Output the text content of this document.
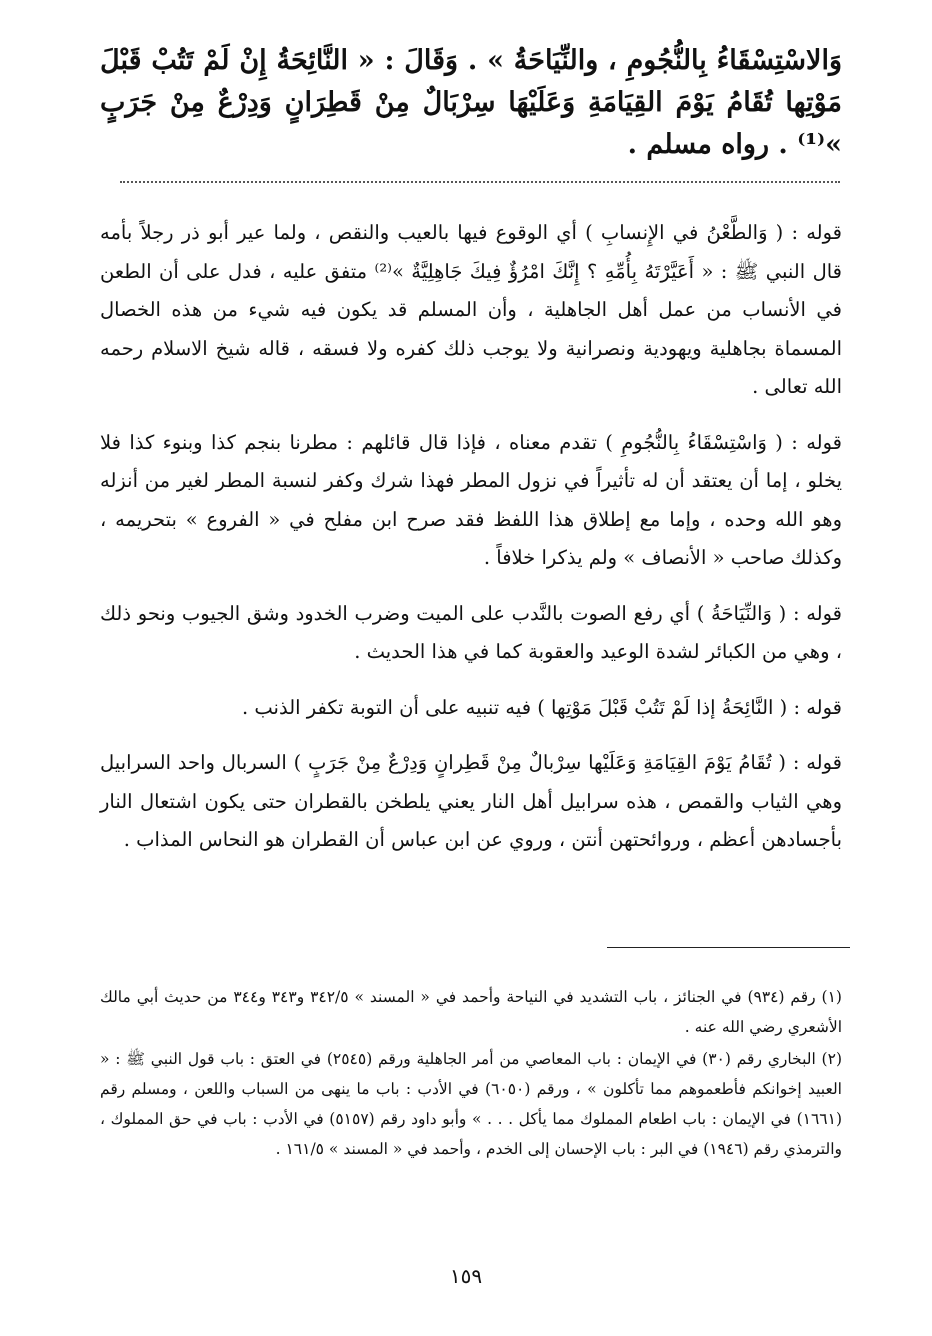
وَالاسْتِسْقَاءُ بِالنُّجُومِ ، والنِّيَاحَةُ » . وَقَالَ : « النَّائِحَةُ إِنْ لَمْ تَتُبْ قَبْلَ مَوْتِها تُقَامُ يَوْمَ القِيَامَةِ وَعَلَيْهَا سِرْبَالٌ مِنْ قَطِرَانٍ وَدِرْعٌ مِنْ جَرَبٍ »⁽¹⁾ . رواه مسلم .

قوله : ( وَالطَّعْنُ في الإِنسابِ ) أي الوقوع فيها بالعيب والنقص ، ولما عير أبو ذر رجلاً بأمه قال النبي ﷺ : « أَعَيَّرْتَهُ بِأُمِّهِ ؟ إِنَّكَ امْرُؤٌ فِيكَ جَاهِلِيَّةٌ »⁽²⁾ متفق عليه ، فدل على أن الطعن في الأنساب من عمل أهل الجاهلية ، وأن المسلم قد يكون فيه شيء من هذه الخصال المسماة بجاهلية ويهودية ونصرانية ولا يوجب ذلك كفره ولا فسقه ، قاله شيخ الاسلام رحمه الله تعالى .

قوله : ( وَاسْتِسْقَاءُ بِالنُّجُومِ ) تقدم معناه ، فإذا قال قائلهم : مطرنا بنجم كذا وبنوء كذا فلا يخلو ، إما أن يعتقد أن له تأثيراً في نزول المطر فهذا شرك وكفر لنسبة المطر لغير من أنزله وهو الله وحده ، وإما مع إطلاق هذا اللفظ فقد صرح ابن مفلح في « الفروع » بتحريمه ، وكذلك صاحب « الأنصاف » ولم يذكرا خلافاً .

قوله : ( وَالنِّيَاحَةُ ) أي رفع الصوت بالنَّدب على الميت وضرب الخدود وشق الجيوب ونحو ذلك ، وهي من الكبائر لشدة الوعيد والعقوبة كما في هذا الحديث .

قوله : ( النَّائِحَةُ إذا لَمْ تَتُبْ قَبْلَ مَوْتِها ) فيه تنبيه على أن التوبة تكفر الذنب .

قوله : ( تُقَامُ يَوْمَ القِيَامَةِ وَعَلَيْها سِرْبالٌ مِنْ قَطِرانٍ وَدِرْعٌ مِنْ جَرَبٍ ) السربال واحد السرابيل وهي الثياب والقمص ، هذه سرابيل أهل النار يعني يلطخن بالقطران حتى يكون اشتعال النار بأجسادهن أعظم ، وروائحتهن أنتن ، وروي عن ابن عباس أن القطران هو النحاس المذاب .

(١) رقم (٩٣٤) في الجنائز ، باب التشديد في النياحة وأحمد في « المسند » ٣٤٢/٥ و٣٤٣ و٣٤٤ من حديث أبي مالك الأشعري رضي الله عنه .

(٢) البخاري رقم (٣٠) في الإيمان : باب المعاصي من أمر الجاهلية ورقم (٢٥٤٥) في العتق : باب قول النبي ﷺ : « العبيد إخوانكم فأطعموهم مما تأكلون » ، ورقم (٦٠٥٠) في الأدب : باب ما ينهى من السباب واللعن ، ومسلم رقم (١٦٦١) في الإيمان : باب اطعام المملوك مما يأكل . . . » وأبو داود رقم (٥١٥٧) في الأدب : باب في حق المملوك ، والترمذي رقم (١٩٤٦) في البر : باب الإحسان إلى الخدم ، وأحمد في « المسند » ١٦١/٥ .

١٥٩
